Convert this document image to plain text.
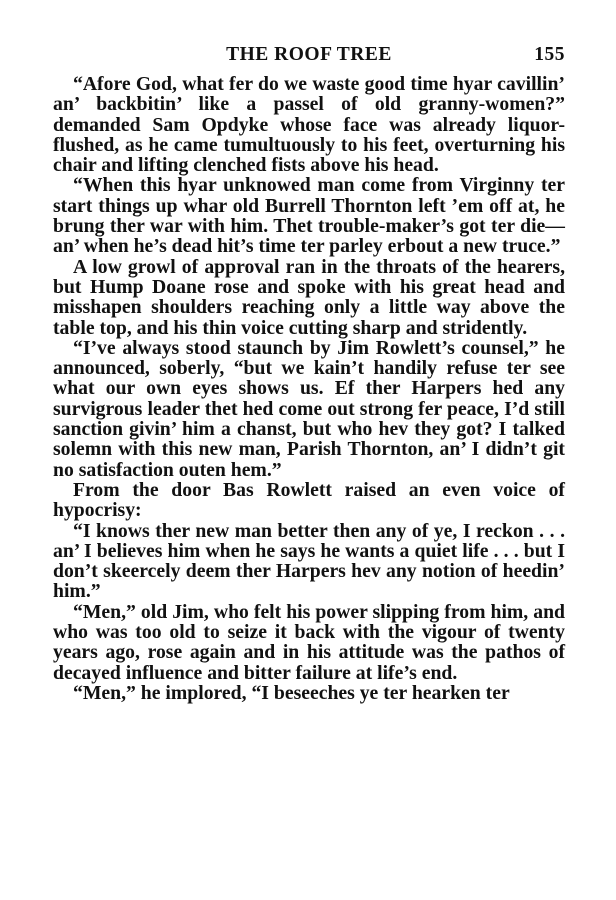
THE ROOF TREE	155

“Afore God, what fer do we waste good time hyar cavillin’ an’ backbitin’ like a passel of old granny-women?” demanded Sam Opdyke whose face was already liquor-flushed, as he came tumultuously to his feet, overturning his chair and lifting clenched fists above his head.

“When this hyar unknowed man come from Virginny ter start things up whar old Burrell Thornton left ’em off at, he brung ther war with him. Thet trouble-maker’s got ter die—an’ when he’s dead hit’s time ter parley erbout a new truce.”

A low growl of approval ran in the throats of the hearers, but Hump Doane rose and spoke with his great head and misshapen shoulders reaching only a little way above the table top, and his thin voice cutting sharp and stridently.

“I’ve always stood staunch by Jim Rowlett’s counsel,” he announced, soberly, “but we kain’t handily refuse ter see what our own eyes shows us. Ef ther Harpers hed any survigrous leader thet hed come out strong fer peace, I’d still sanction givin’ him a chanst, but who hev they got? I talked solemn with this new man, Parish Thornton, an’ I didn’t git no satisfaction outen hem.”

From the door Bas Rowlett raised an even voice of hypocrisy:

“I knows ther new man better then any of ye, I reckon . . . an’ I believes him when he says he wants a quiet life . . . but I don’t skeercely deem ther Harpers hev any notion of heedin’ him.”

“Men,” old Jim, who felt his power slipping from him, and who was too old to seize it back with the vigour of twenty years ago, rose again and in his attitude was the pathos of decayed influence and bitter failure at life’s end.

“Men,” he implored, “I beseeches ye ter hearken ter
